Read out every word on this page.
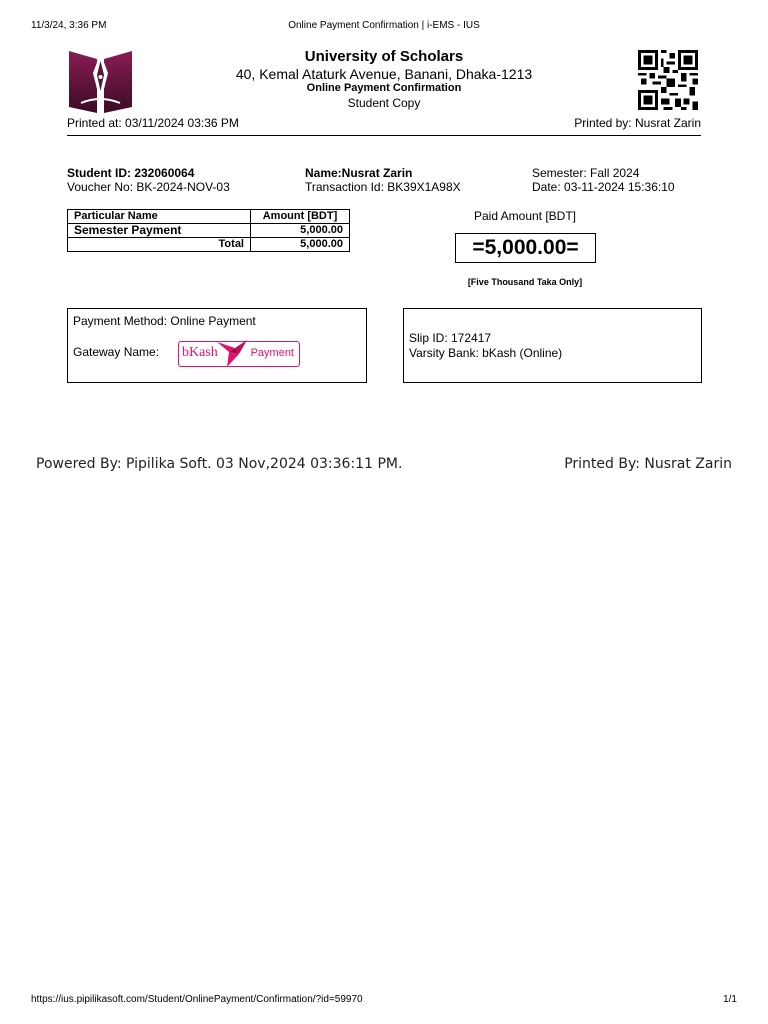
11/3/24, 3:36 PM	Online Payment Confirmation | i-EMS - IUS
https://ius.pipilikasoft.com/Student/OnlinePayment/Confirmation/?id=59970	1/1
University of Scholars
40, Kemal Ataturk Avenue, Banani, Dhaka-1213
Online Payment Confirmation
Student Copy
Printed at: 03/11/2024 03:36 PM	Printed by: Nusrat Zarin
Student ID: 232060064
Voucher No: BK-2024-NOV-03
Name:Nusrat Zarin
Transaction Id: BK39X1A98X
Semester: Fall 2024
Date: 03-11-2024 15:36:10
Particular Name	Amount [BDT]
Semester Payment	5,000.00
Total	5,000.00
Paid Amount [BDT]
=5,000.00=
[Five Thousand Taka Only]
Payment Method: Online Payment
Gateway Name: bKash	Payment
Slip ID: 172417
Varsity Bank: bKash (Online)
Powered By: Pipilika Soft. 03 Nov,2024 03:36:11 PM.	Printed By: Nusrat Zarin
